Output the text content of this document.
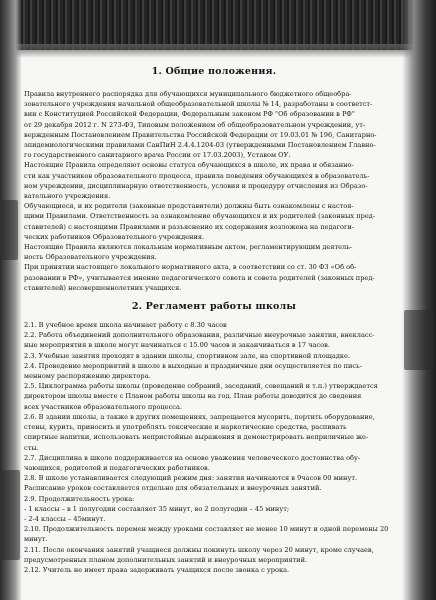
1. Общие положения.

Правила внутреннего распорядка для обучающихся муниципального бюджетного общеобра-

зовательного учреждения начальной общеобразовательной школы № 14, разработаны в соответст-

вии с Конституцией Российской Федерации, Федеральным законом РФ "Об образовании в РФ"

от 29 декабря 2012 г. N 273-ФЗ, Типовым положением об общеобразовательном учреждении, ут-

вержденным Постановлением Правительства Российской Федерации от 19.03.01 № 196, Санитарно-

эпидемиологическими правилами СанПиН 2.4.4.1204-03 (утвержденными Постановлением Главно-

го государственного санитарного врача России от 17.03.2003), Уставом ОУ.

Настоящие Правила определяют основы статуса обучающихся в школе, их права и обязанно-

сти как участников образовательного процесса, правила поведения обучающихся в образователь-

ном учреждении, дисциплинарную ответственность, условия и процедуру отчисления из Образо-

вательного учреждения.

Обучающиеся, и их родители (законные представители) должны быть ознакомлены с настоя-

щими Правилами. Ответственность за ознакомление обучающихся и их родителей (законных пред-

ставителей) с настоящими Правилами и разъяснение их содержания возложена на педагоги-

ческих работников Образовательного учреждения.

Настоящие Правила являются локальным нормативным актом, регламентирующим деятель-

ность Образовательного учреждения.

При принятии настоящего локального нормативного акта, в соответствии со ст. 30 ФЗ «Об об-

разовании в РФ», учитывается мнение педагогического совета и совета родителей (законных пред-

ставителей) несовершеннолетних учащихся.

2. Регламент работы школы

2.1. В учебное время школа начинает работу с 8.30 часов

2.2. Работа объединений дополнительного образования, различные внеурочные занятия, внекласс-

ные мероприятия в школе могут начинаться с 15.00 часов и заканчиваться в 17 часов.

2.3. Учебные занятия проходят в здании школы, спортивном зале, на спортивной площадке.

2.4. Проведение мероприятий в школе в выходные и праздничные дни осуществляется по пись-

менному распоряжению директора.

2.5. Циклограмма работы школы (проведение собраний, заседаний, совещаний и т.п.) утверждается

директором школы вместе с Планом работы школы на год. План работы доводится до сведения

всех участников образовательного процесса.

2.6. В здании школы, а также в других помещениях, запрещается мусорить, портить оборудование,

стены, курить, приносить и употреблять токсические и наркотические средства, распивать

спиртные напитки, использовать непристойные выражения и демонстрировать неприличные же-

сты.

2.7. Дисциплина в школе поддерживается на основе уважения человеческого достоинства обу-

чающихся, родителей и педагогических работников.

2.8. В школе устанавливается следующий режим дня: занятия начинаются в 9часов 00 минут.

Расписание уроков составляется отдельно для обязательных и внеурочных занятий.

2.9. Продолжительность урока:

- 1 классы – в 1 полугодии составляет 35 минут, во 2 полугодии – 45 минут;

- 2-4 классы – 45минут.

2.10. Продолжительность перемен между уроками составляет не менее 10 минут и одной перемены 20

минут.

2.11. После окончания занятий учащиеся должны покинуть школу через 20 минут, кроме случаев,

предусмотренных планом дополнительных занятий и внеурочных мероприятий.

2.12. Учитель не имеет права задерживать учащихся после звонка с урока.
